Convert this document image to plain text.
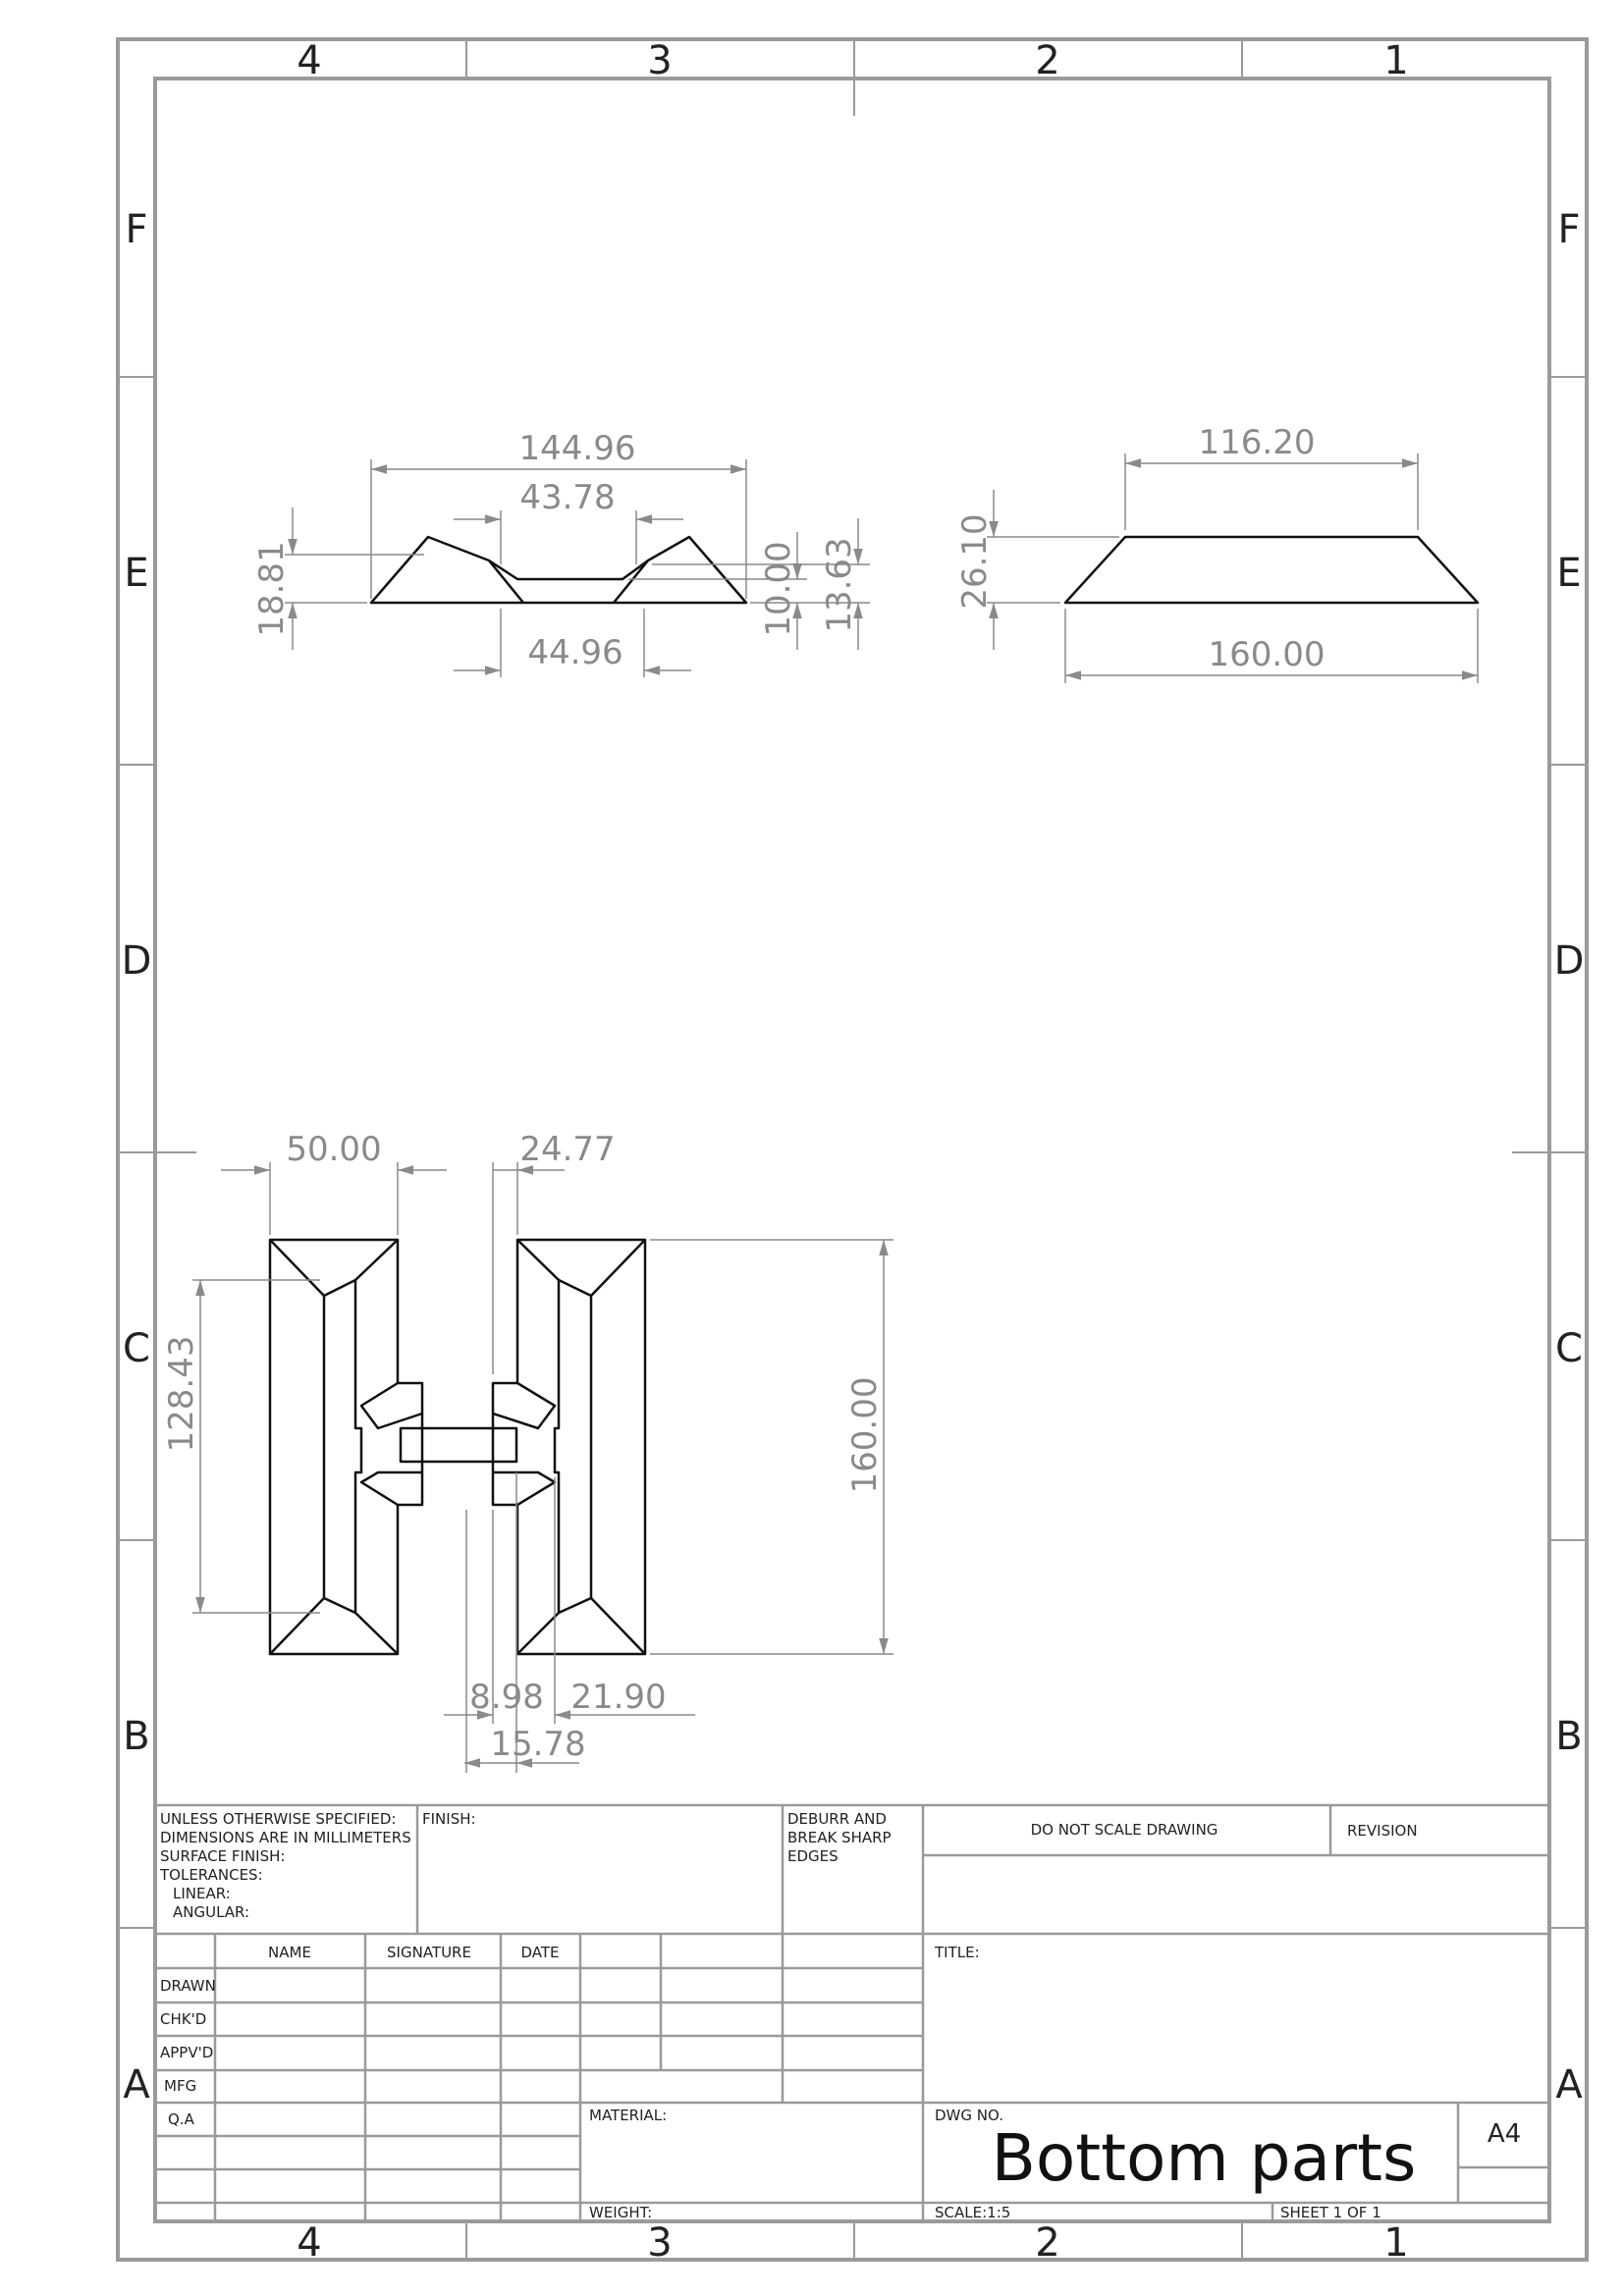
4	3	2	1
4	3	2	1
F
E
D
C
B
A
F
E
D
C
B
A
144.96
43.78
44.96
18.81	10.00 13.63
116.20
160.00
26.10
50.00	24.77
128.43	160.00
8.98 21.90
15.78
UNLESS OTHERWISE SPECIFIED:
DIMENSIONS ARE IN MILLIMETERS
SURFACE FINISH:
TOLERANCES:
LINEAR:
ANGULAR:
FINISH:	DEBURR AND
BREAK SHARP
EDGES
DO NOT SCALE DRAWING	REVISION
NAME	SIGNATURE	DATE
DRAWN
CHK'D
APPV'D
MFG
Q.A
TITLE:
MATERIAL:	DWG NO.
Bottom parts	A4
WEIGHT:	SCALE:1:5	SHEET 1 OF 1
